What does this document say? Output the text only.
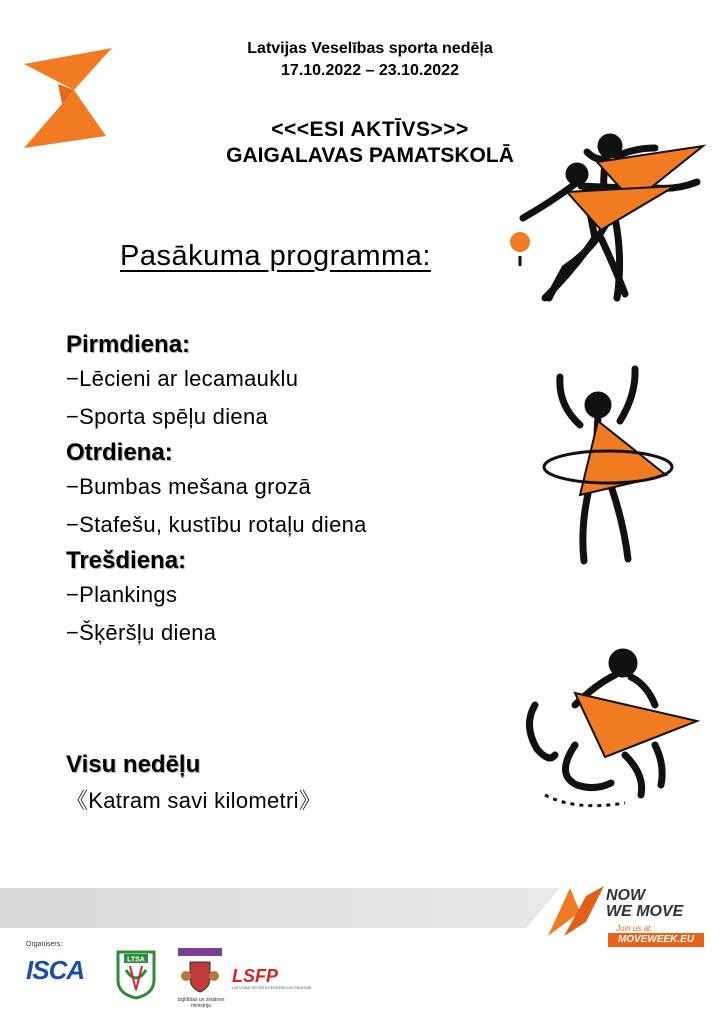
Latvijas Veselības sporta nedēļa
17.10.2022 – 23.10.2022
<<<ESI AKTĪVS>>>
GAIGALAVAS PAMATSKOLĀ
Pasākuma programma:
Pirmdiena:
−Lēcieni ar lecamauklu
−Sporta spēļu diena
Otrdiena:
−Bumbas mešana grozā
−Stafešu, kustību rotaļu diena
Trešdiena:
−Plankings
−Šķēršļu diena
Visu nedēļu
《Katram savi kilometri》
NOW
WE MOVE
Join us at:
MOVEWEEK.EU
Organisers:
ISCA	LTSA
Izglītības un zinātnes ministrija
LSFP
LATVIJAS SPORTA FEDERĀCIJU PADOME
